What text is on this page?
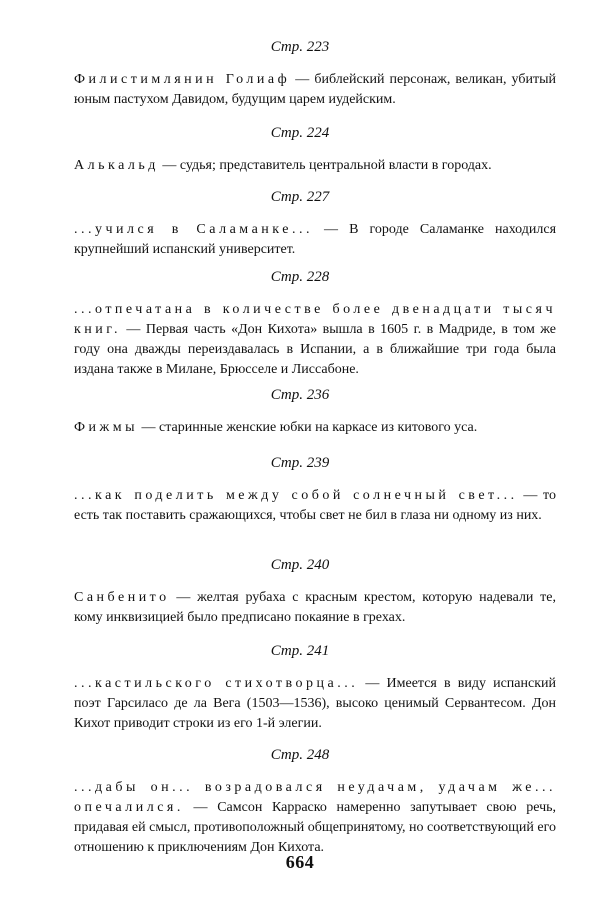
Стр. 223
Филистимлянин Голиаф — библейский персонаж, великан, убитый юным пастухом Давидом, будущим царем иудейским.
Стр. 224
Алькальд — судья; представитель центральной власти в городах.
Стр. 227
...учился в Саламанке... — В городе Саламанке находился крупнейший испанский университет.
Стр. 228
...отпечатана в количестве более двенадцати тысяч книг. — Первая часть «Дон Кихота» вышла в 1605 г. в Мадриде, в том же году она дважды переиздавалась в Испании, а в ближайшие три года была издана также в Милане, Брюсселе и Лиссабоне.
Стр. 236
Фижмы — старинные женские юбки на каркасе из китового уса.
Стр. 239
...как поделить между собой солнечный свет... — то есть так поставить сражающихся, чтобы свет не бил в глаза ни одному из них.
Стр. 240
Санбенито — желтая рубаха с красным крестом, которую надевали те, кому инквизицией было предписано покаяние в грехах.
Стр. 241
...кастильского стихотворца... — Имеется в виду испанский поэт Гарсиласо де ла Вега (1503—1536), высоко ценимый Сервантесом. Дон Кихот приводит строки из его 1-й элегии.
Стр. 248
...дабы он... возрадовался неудачам, удачам же... опечалился. — Самсон Карраско намеренно запутывает свою речь, придавая ей смысл, противоположный общепринятому, но соответствующий его отношению к приключениям Дон Кихота.
664
